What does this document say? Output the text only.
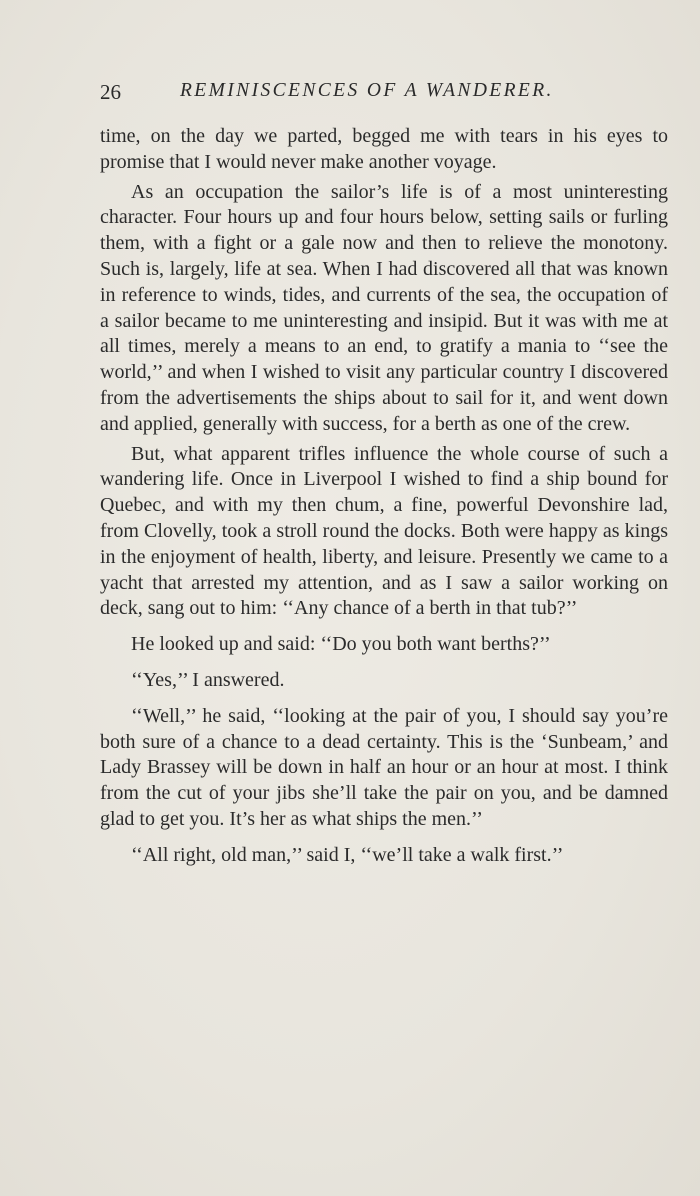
26	REMINISCENCES OF A WANDERER.

time, on the day we parted, begged me with tears in his eyes to promise that I would never make another voyage.

As an occupation the sailor’s life is of a most uninteresting character. Four hours up and four hours below, setting sails or furling them, with a fight or a gale now and then to relieve the monotony. Such is, largely, life at sea. When I had discovered all that was known in reference to winds, tides, and currents of the sea, the occupation of a sailor became to me uninteresting and insipid. But it was with me at all times, merely a means to an end, to gratify a mania to ‘‘see the world,’’ and when I wished to visit any particular country I discovered from the advertisements the ships about to sail for it, and went down and applied, generally with success, for a berth as one of the crew.

But, what apparent trifles influence the whole course of such a wandering life. Once in Liverpool I wished to find a ship bound for Quebec, and with my then chum, a fine, powerful Devonshire lad, from Clovelly, took a stroll round the docks. Both were happy as kings in the enjoyment of health, liberty, and leisure. Presently we came to a yacht that arrested my attention, and as I saw a sailor working on deck, sang out to him: ‘‘Any chance of a berth in that tub?’’

He looked up and said: ‘‘Do you both want berths?’’

‘‘Yes,’’ I answered.

‘‘Well,’’ he said, ‘‘looking at the pair of you, I should say you’re both sure of a chance to a dead certainty. This is the ‘Sunbeam,’ and Lady Brassey will be down in half an hour or an hour at most. I think from the cut of your jibs she’ll take the pair on you, and be damned glad to get you. It’s her as what ships the men.’’

‘‘All right, old man,’’ said I, ‘‘we’ll take a walk first.’’
